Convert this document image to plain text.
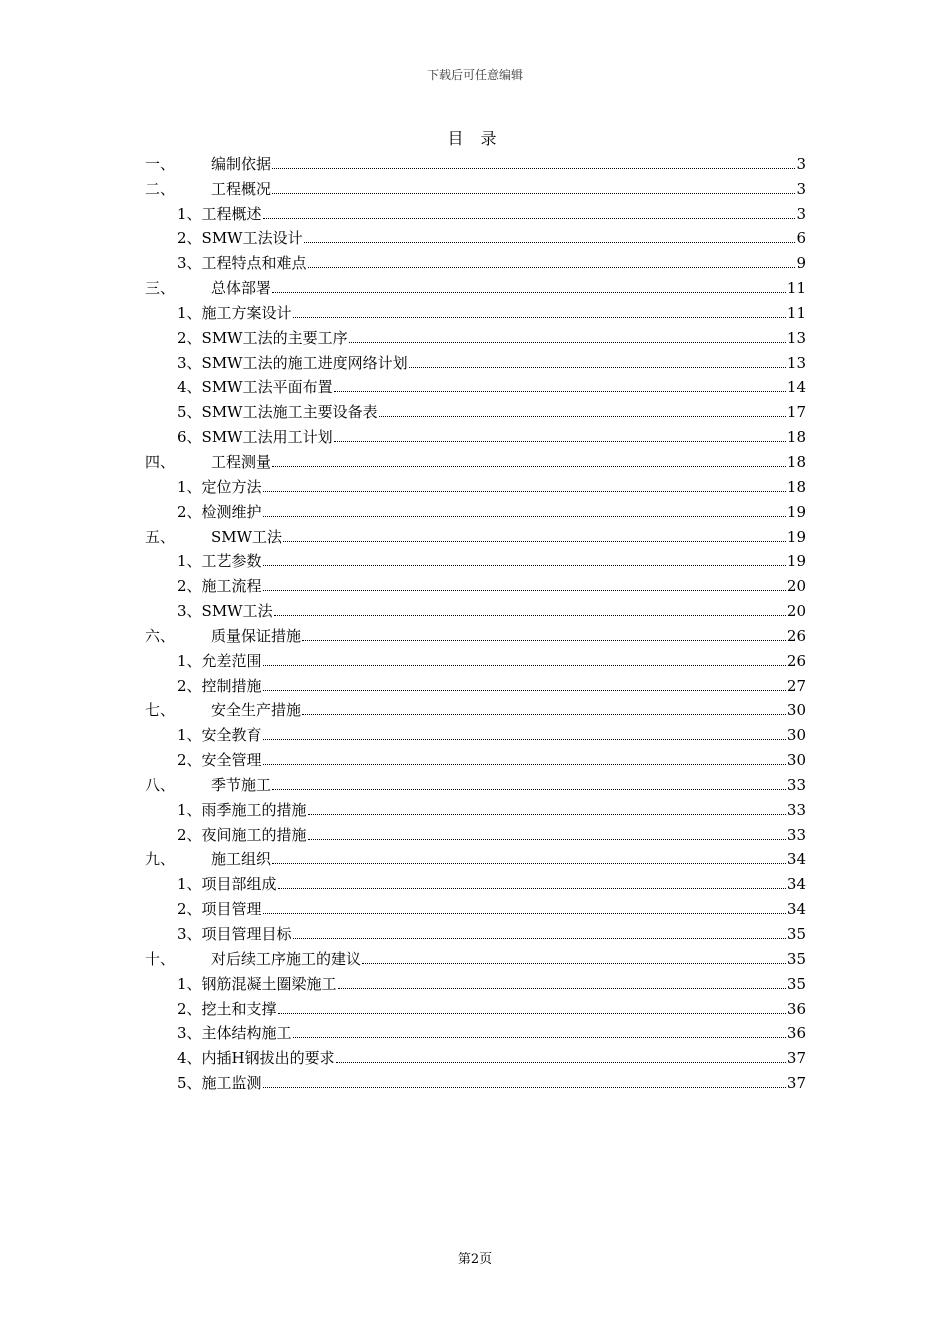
下载后可任意编辑
目 录
一、	编制依据	3
二、	工程概况	3
1、 工程概述	3
2、 SMW工法设计	6
3、 工程特点和难点	9
三、	总体部署	11
1、 施工方案设计	11
2、 SMW工法的主要工序	13
3、 SMW工法的施工进度网络计划	13
4、 SMW工法平面布置	14
5、 SMW工法施工主要设备表	17
6、 SMW工法用工计划	18
四、	工程测量	18
1、 定位方法	18
2、 检测维护	19
五、	SMW工法	19
1、 工艺参数	19
2、 施工流程	20
3、 SMW工法	20
六、	质量保证措施	26
1、 允差范围	26
2、 控制措施	27
七、	安全生产措施	30
1、 安全教育	30
2、 安全管理	30
八、	季节施工	33
1、 雨季施工的措施	33
2、 夜间施工的措施	33
九、	施工组织	34
1、 项目部组成	34
2、 项目管理	34
3、 项目管理目标	35
十、	对后续工序施工的建议	35
1、 钢筋混凝土圈梁施工	35
2、 挖土和支撑	36
3、 主体结构施工	36
4、 内插H钢拔出的要求	37
5、 施工监测	37
第2页
